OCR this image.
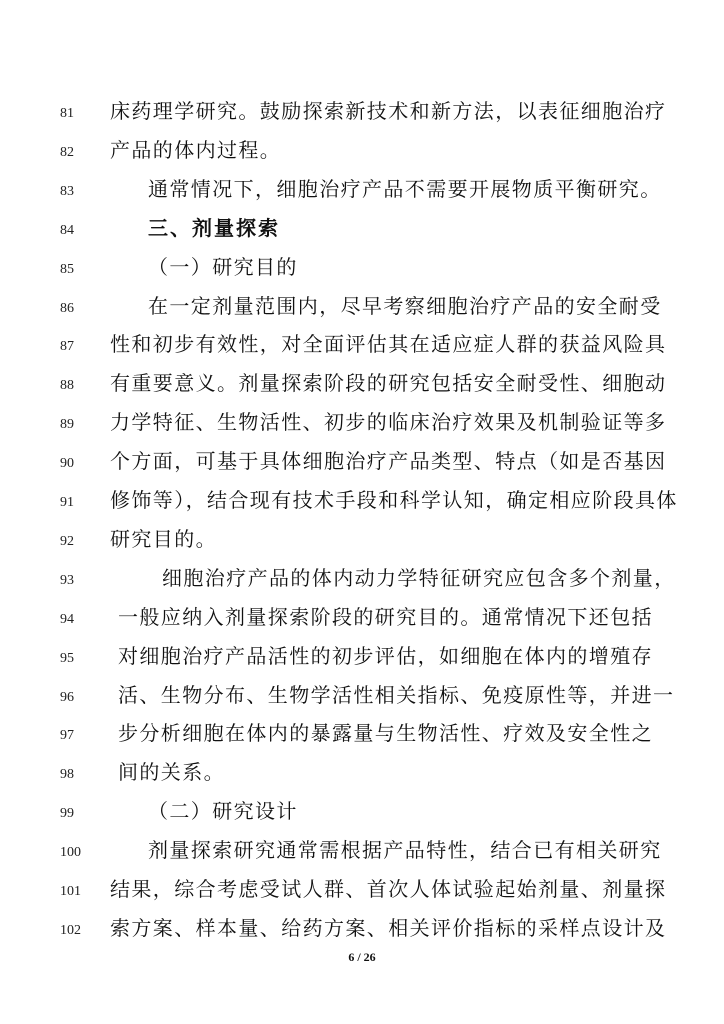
81	床药理学研究。鼓励探索新技术和新方法，以表征细胞治疗
82	产品的体内过程。
83	通常情况下，细胞治疗产品不需要开展物质平衡研究。
84	三、剂量探索
85	（一）研究目的
86	在一定剂量范围内，尽早考察细胞治疗产品的安全耐受
87	性和初步有效性，对全面评估其在适应症人群的获益风险具
88	有重要意义。剂量探索阶段的研究包括安全耐受性、细胞动
89	力学特征、生物活性、初步的临床治疗效果及机制验证等多
90	个方面，可基于具体细胞治疗产品类型、特点（如是否基因
91	修饰等），结合现有技术手段和科学认知，确定相应阶段具体
92	研究目的。
93	细胞治疗产品的体内动力学特征研究应包含多个剂量，
94	一般应纳入剂量探索阶段的研究目的。通常情况下还包括
95	对细胞治疗产品活性的初步评估，如细胞在体内的增殖存
96	活、生物分布、生物学活性相关指标、免疫原性等，并进一
97	步分析细胞在体内的暴露量与生物活性、疗效及安全性之
98	间的关系。
99	（二）研究设计
100	剂量探索研究通常需根据产品特性，结合已有相关研究
101	结果，综合考虑受试人群、首次人体试验起始剂量、剂量探
102	索方案、样本量、给药方案、相关评价指标的采样点设计及
6 / 26
